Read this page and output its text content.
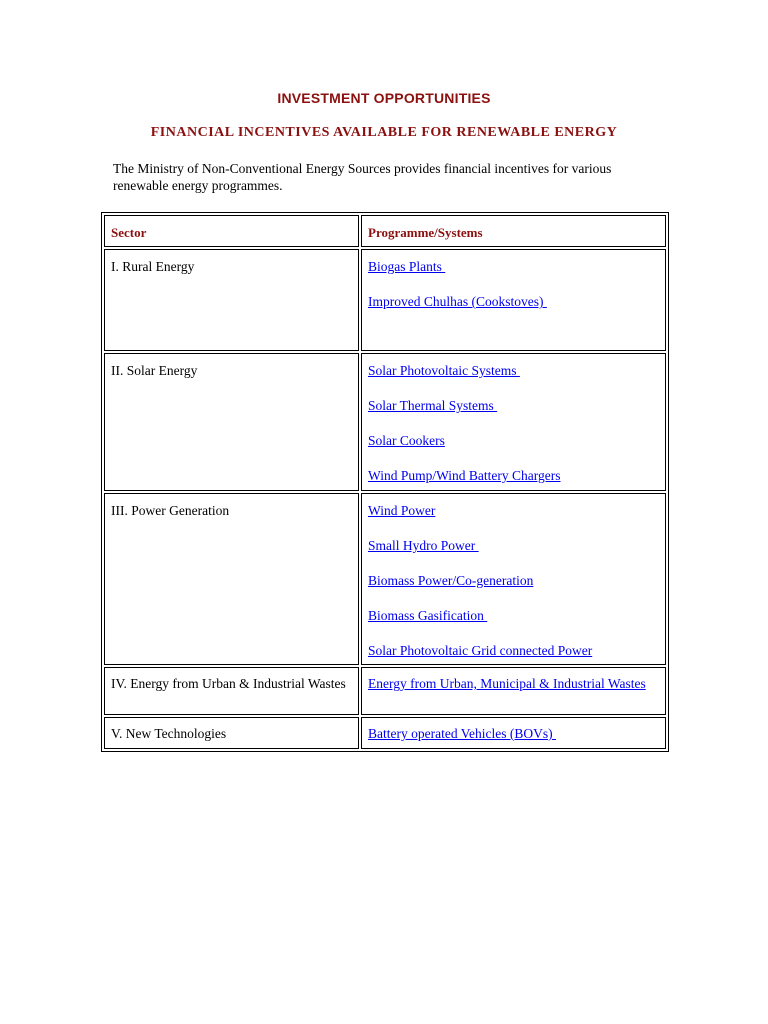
INVESTMENT OPPORTUNITIES
FINANCIAL INCENTIVES AVAILABLE FOR RENEWABLE ENERGY

The Ministry of Non-Conventional Energy Sources provides financial incentives for various renewable energy programmes.

Sector	Programme/Systems

I. Rural Energy	Biogas Plants
Improved Chulhas (Cookstoves)

II. Solar Energy	Solar Photovoltaic Systems
Solar Thermal Systems
Solar Cookers
Wind Pump/Wind Battery Chargers

III. Power Generation	Wind Power
Small Hydro Power
Biomass Power/Co-generation
Biomass Gasification
Solar Photovoltaic Grid connected Power

IV. Energy from Urban & Industrial Wastes	Energy from Urban, Municipal & Industrial Wastes

V. New Technologies	Battery operated Vehicles (BOVs)
